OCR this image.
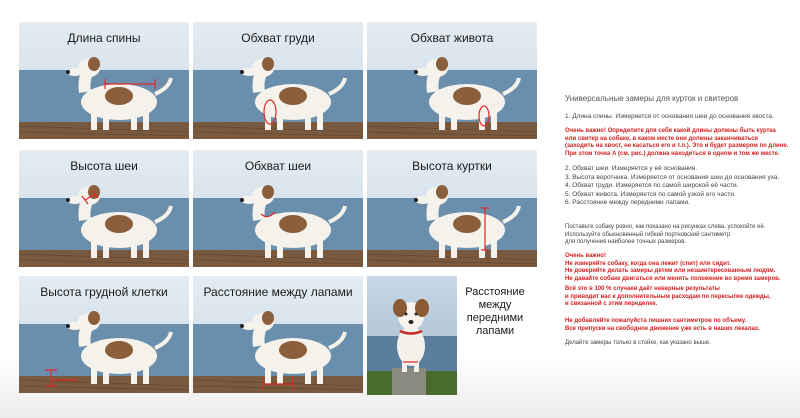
Длина спины	Обхват груди	Обхват живота
Высота шеи	Обхват шеи	Высота куртки
Высота грудной клетки	Расстояние между лапами	Расстояние между передними лапами

Универсальные замеры для курток и свитеров

1. Длина спины. Измеряется от основания шеи до основания хвоста.

Очень важно! Определите для себя какой длины должны быть куртка

или свитер на собаке, в каком месте они должны заканчиваться

(заходить на хвост, не касаться его и т.п.). Это и будет размером по длине.

При этом точка А (см. рис.) должна находиться в одном и том же месте.

2. Обхват шеи. Измеряется у её основания.
3. Высота воротника. Измеряется от основания шеи до основания уха.
4. Обхват груди. Измеряется по самой широкой её части.
5. Обхват живота. Измеряется по самой узкой его части.
6. Расстояние между передними лапами.

Поставьте собаку ровно, как показано на рисунках слева, успокойте её.

Используйте обыкновенный гибкий портновский сантиметр

для получения наиболее точных размеров.

Очень важно!

Не измеряйте собаку, когда она лежит (спит) или сидит.

Не доверяйте делать замеры детям или незаинтересованным людям.

Не давайте собаке двигаться или менять положение во время замеров.

Всё это в 100 % случаев даёт неверные результаты

и приводит вас к дополнительным расходам по пересылке одежды,

и связанной с этим переделке.

Не добавляйте пожалуйста лишних сантиметров по объему.

Все припуски на свободное движение уже есть в наших лекалах.

Делайте замеры только в стойке, как указано выше.
